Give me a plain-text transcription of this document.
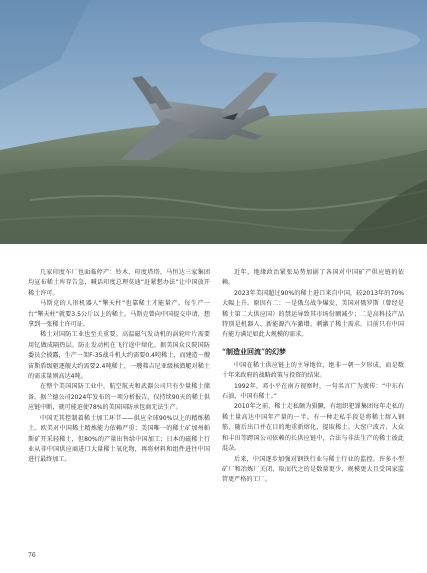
几家印度车厂也面临停产：铃木、印度塔塔、马恒达三家集团均宣布稀土库存告急，喊话印度总理莫迪“赶紧想办法”让中国放开稀土许可。

马斯克的人形机器人“擎天柱”也靠稀土才能量产。每生产一台“擎天柱”就要3.5公斤以上的稀土。马斯克曾向中国提交申请，想拿到一张稀土许可证。

稀土对国防工业也至关重要。高温磁气发动机的涡轮叶片需要用钇做成隔热层，防止发动机在飞行途中熔化。据美国众议院国防委员会披露，生产一架F-35战斗机大约需要0.4吨稀土，而建造一艘宙斯盾级驱逐舰大约需要2.4吨稀土，一艘弗吉尼亚级核潜艇对稀土的需求量则高达4吨。

在整个美国国防工业中，航空航天和武器公司只有少量稀土储备。据兰德公司2024年发布的一项分析报告，仅持续90天的稀土供应链中断，就可能迫使78%的美国国防承包商无法生产。

中国无其控制着稀土加工环节——供应全球90%以上的精炼稀土。欧美对中国稀土精炼能力依赖严重；美国唯一的稀土矿加州帕斯矿开采轻稀土，但80%的产量出售给中国加工；日本的磁稀土行业从非中国供应商进口大量稀土氧化物，再将材料和组件进往中国进行最终加工。

近年，地缘政治紧张局势加剧了各国对中国矿产供应链的依赖。

2023年美国超过90%的稀土进口来自中国，较2013年的70%大幅上升。原因有二：一是俄乌战争爆发，美国对俄罗斯（曾经是稀土第二大供应国）的禁运导致其市场份额减少；二是高科技产品特别是机器人、新能源汽车激增，刺激了稀土需求。目前只有中国有能力满足如此大规模的需求。

“制造业回流”的幻梦

中国在稀土供应链上的主导地位，绝非一朝一夕形成，而是数十年来政府的战略政策与投资的结果。

1992年，邓小平在南方视察时，一句名言广为流传：“中东有石油，中国有稀土。”

2010年之前，稀土走私颇为猖獗，有组织犯罪集团每年走私的稀土量高达中国年产量的一半。有一种走私手段是将稀土熔入钢筋，随后出口并在目的地重新熔化、提取稀土。大窑户波音、大众和丰田等跨国公司依赖的长供应链中，合法与非法生产的稀土彼此混杂。

后来，中国逐步加强对钢铁行业与稀土行业的监控。许多小型矿厂和冶炼厂关闭，取而代之的是数量更少、规模更大且受国家监管更严格的工厂。

76
